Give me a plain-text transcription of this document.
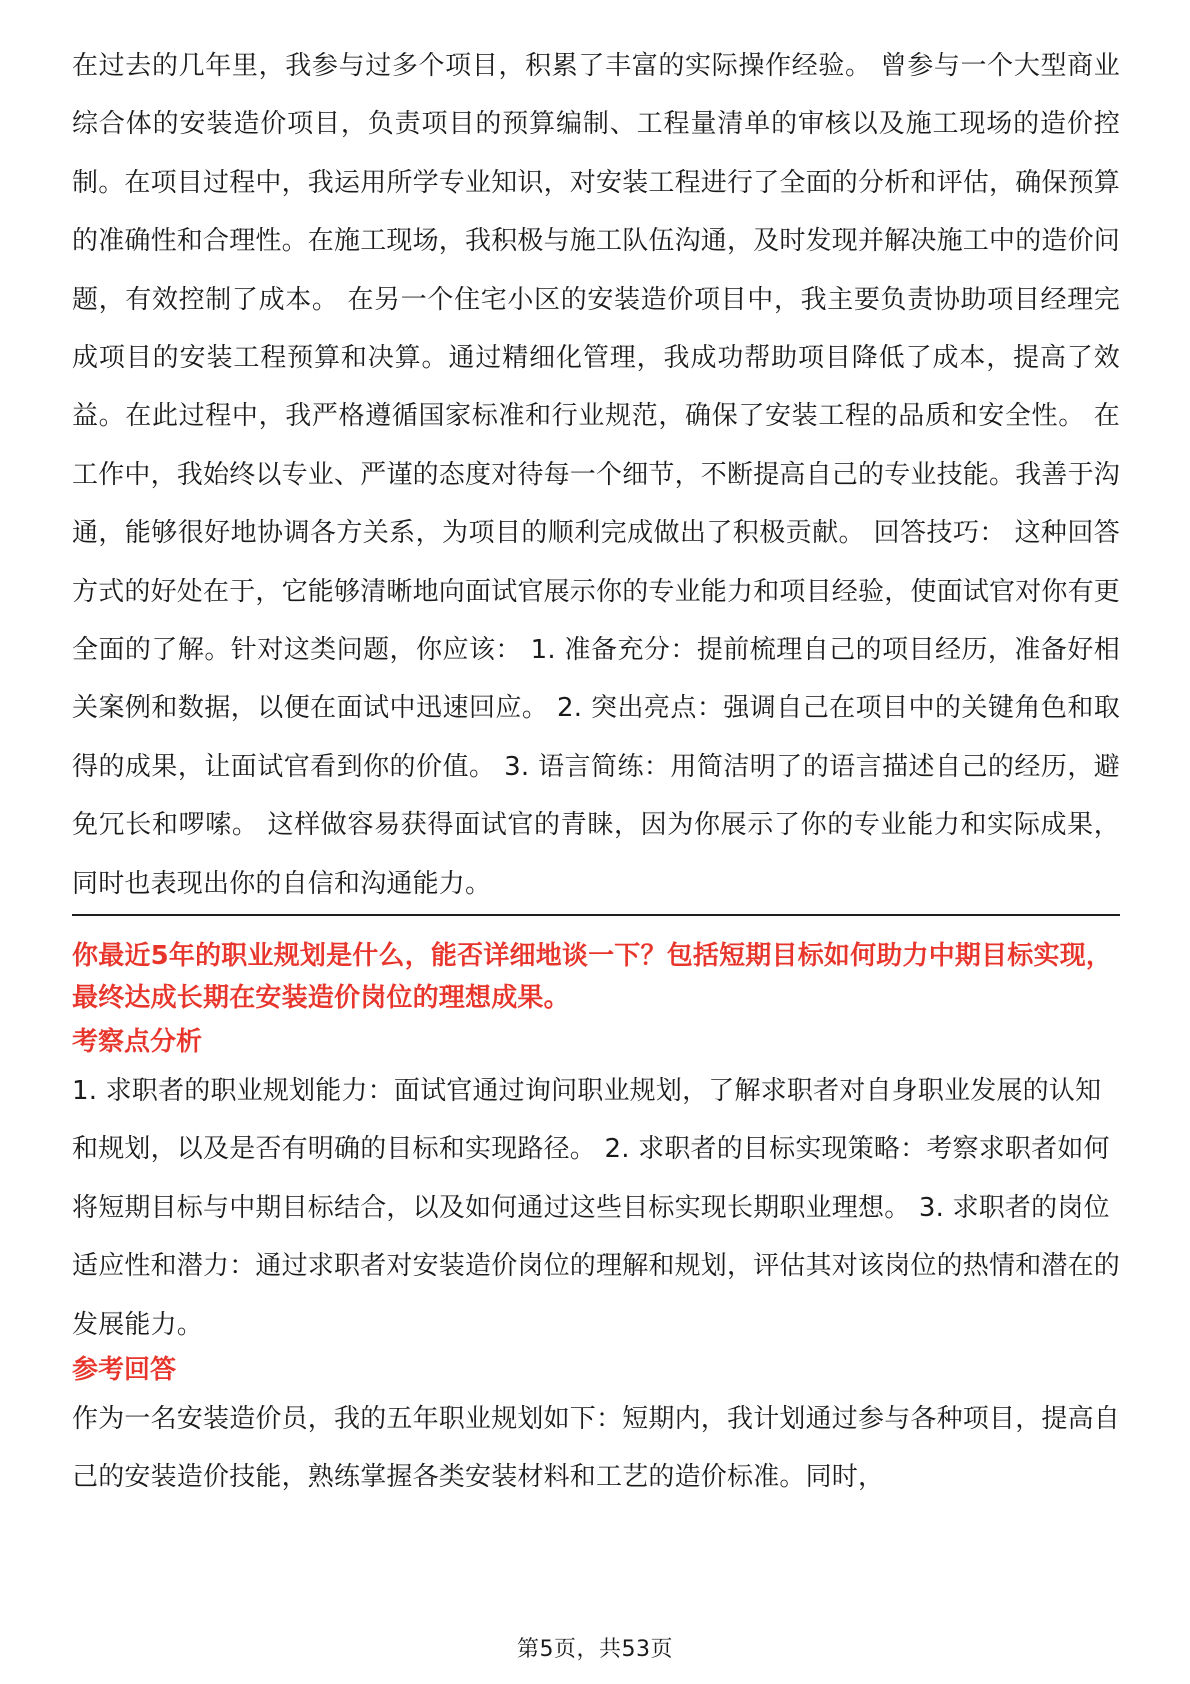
在过去的几年里，我参与过多个项目，积累了丰富的实际操作经验。 曾参与一个大型商业综合体的安装造价项目，负责项目的预算编制、工程量清单的审核以及施工现场的造价控制。在项目过程中，我运用所学专业知识，对安装工程进行了全面的分析和评估，确保预算的准确性和合理性。在施工现场，我积极与施工队伍沟通，及时发现并解决施工中的造价问题，有效控制了成本。 在另一个住宅小区的安装造价项目中，我主要负责协助项目经理完成项目的安装工程预算和决算。通过精细化管理，我成功帮助项目降低了成本，提高了效益。在此过程中，我严格遵循国家标准和行业规范，确保了安装工程的品质和安全性。 在工作中，我始终以专业、严谨的态度对待每一个细节，不断提高自己的专业技能。我善于沟通，能够很好地协调各方关系，为项目的顺利完成做出了积极贡献。 回答技巧： 这种回答方式的好处在于，它能够清晰地向面试官展示你的专业能力和项目经验，使面试官对你有更全面的了解。针对这类问题，你应该： 1. 准备充分：提前梳理自己的项目经历，准备好相关案例和数据，以便在面试中迅速回应。 2. 突出亮点：强调自己在项目中的关键角色和取得的成果，让面试官看到你的价值。 3. 语言简练：用简洁明了的语言描述自己的经历，避免冗长和啰嗦。 这样做容易获得面试官的青睐，因为你展示了你的专业能力和实际成果，同时也表现出你的自信和沟通能力。

你最近5年的职业规划是什么，能否详细地谈一下？包括短期目标如何助力中期目标实现，最终达成长期在安装造价岗位的理想成果。

考察点分析

1. 求职者的职业规划能力：面试官通过询问职业规划，了解求职者对自身职业发展的认知和规划，以及是否有明确的目标和实现路径。 2. 求职者的目标实现策略：考察求职者如何将短期目标与中期目标结合，以及如何通过这些目标实现长期职业理想。 3. 求职者的岗位适应性和潜力：通过求职者对安装造价岗位的理解和规划，评估其对该岗位的热情和潜在的发展能力。

参考回答

作为一名安装造价员，我的五年职业规划如下：短期内，我计划通过参与各种项目，提高自己的安装造价技能，熟练掌握各类安装材料和工艺的造价标准。同时，

第5页，共53页
